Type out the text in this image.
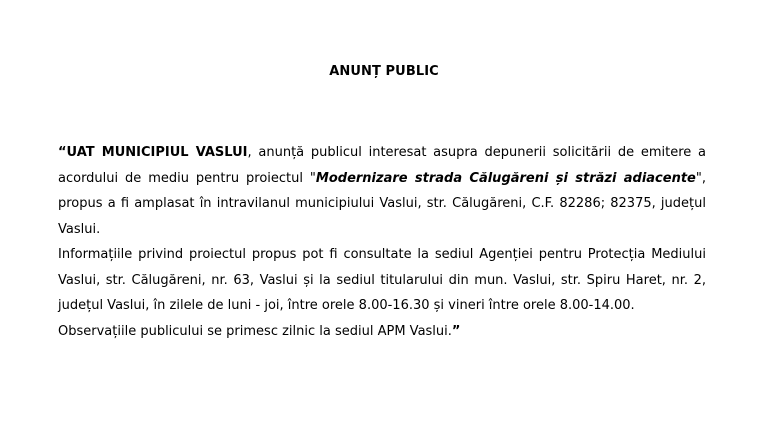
ANUNȚ PUBLIC

“UAT MUNICIPIUL VASLUI, anunță publicul interesat asupra depunerii solicitării de emitere a acordului de mediu pentru proiectul "Modernizare strada Călugăreni și străzi adiacente", propus a fi amplasat în intravilanul municipiului Vaslui, str. Călugăreni, C.F. 82286; 82375, județul Vaslui.

Informațiile privind proiectul propus pot fi consultate la sediul Agenției pentru Protecția Mediului Vaslui, str. Călugăreni, nr. 63, Vaslui și la sediul titularului din mun. Vaslui, str. Spiru Haret, nr. 2, județul Vaslui, în zilele de luni - joi, între orele 8.00-16.30 și vineri între orele 8.00-14.00.

Observațiile publicului se primesc zilnic la sediul APM Vaslui.”
